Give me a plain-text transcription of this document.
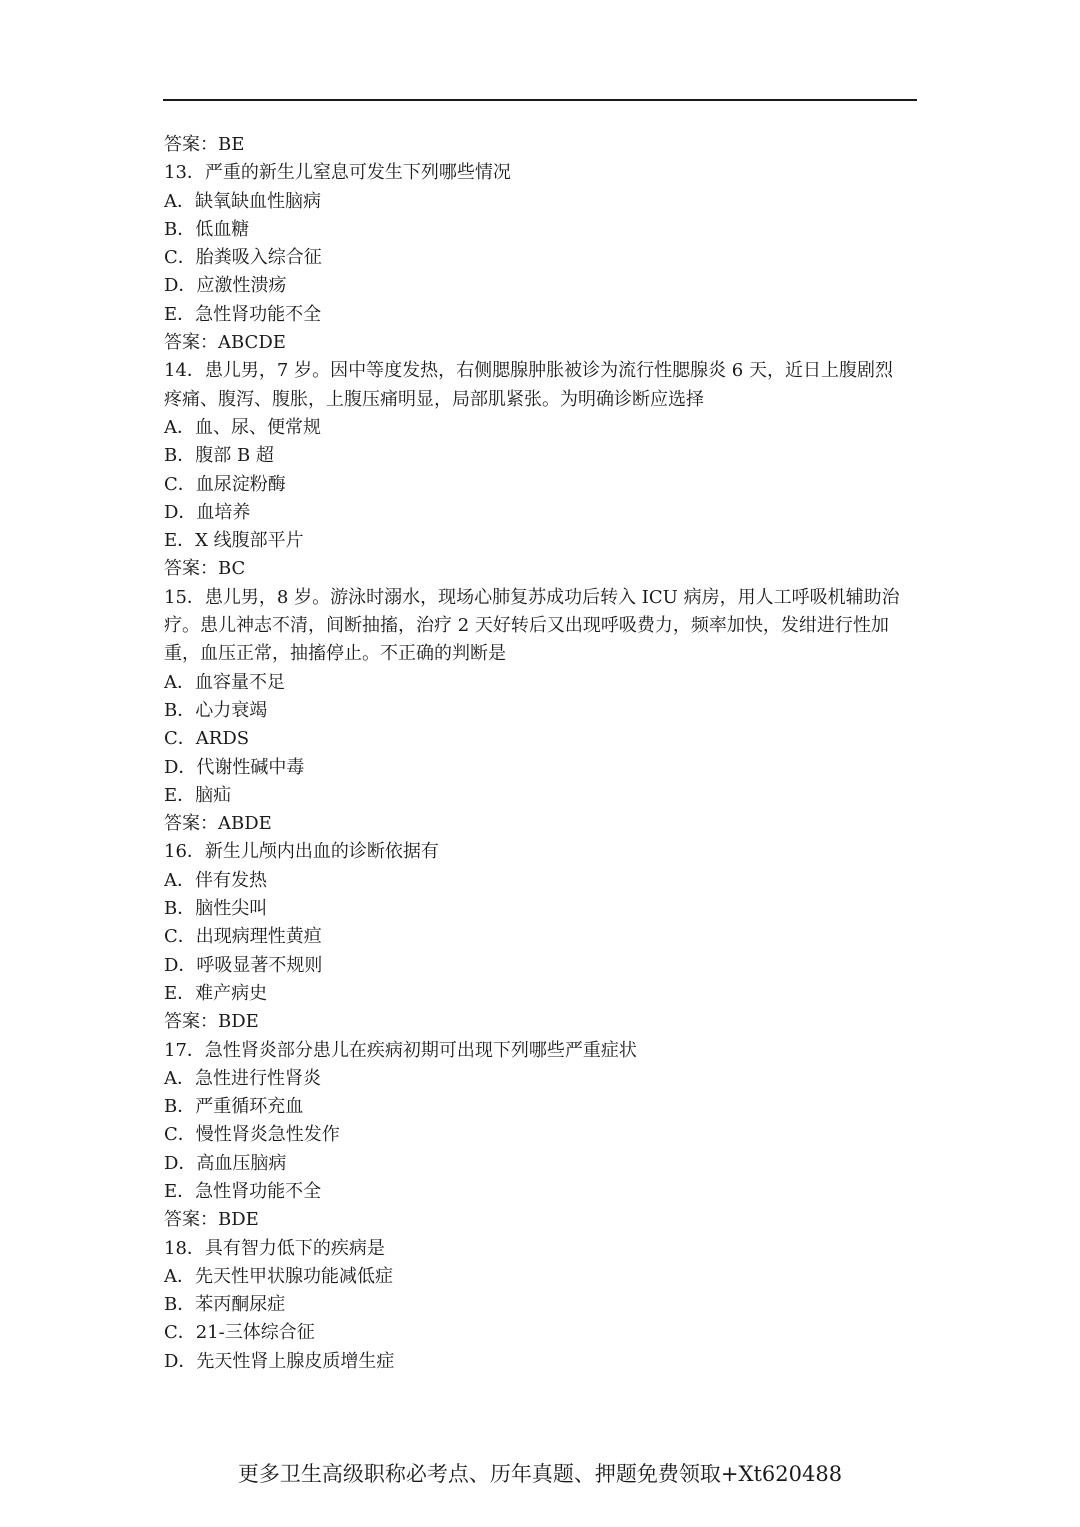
答案：BE
13．严重的新生儿窒息可发生下列哪些情况
A．缺氧缺血性脑病
B．低血糖
C．胎粪吸入综合征
D．应激性溃疡
E．急性肾功能不全
答案：ABCDE
14．患儿男，7 岁。因中等度发热，右侧腮腺肿胀被诊为流行性腮腺炎 6 天，近日上腹剧烈
疼痛、腹泻、腹胀，上腹压痛明显，局部肌紧张。为明确诊断应选择
A．血、尿、便常规
B．腹部 B 超
C．血尿淀粉酶
D．血培养
E．X 线腹部平片
答案：BC
15．患儿男，8 岁。游泳时溺水，现场心肺复苏成功后转入 ICU 病房，用人工呼吸机辅助治
疗。患儿神志不清，间断抽搐，治疗 2 天好转后又出现呼吸费力，频率加快，发绀进行性加
重，血压正常，抽搐停止。不正确的判断是
A．血容量不足
B．心力衰竭
C．ARDS
D．代谢性碱中毒
E．脑疝
答案：ABDE
16．新生儿颅内出血的诊断依据有
A．伴有发热
B．脑性尖叫
C．出现病理性黄疸
D．呼吸显著不规则
E．难产病史
答案：BDE
17．急性肾炎部分患儿在疾病初期可出现下列哪些严重症状
A．急性进行性肾炎
B．严重循环充血
C．慢性肾炎急性发作
D．高血压脑病
E．急性肾功能不全
答案：BDE
18．具有智力低下的疾病是
A．先天性甲状腺功能减低症
B．苯丙酮尿症
C．21-三体综合征
D．先天性肾上腺皮质增生症
更多卫生高级职称必考点、历年真题、押题免费领取+Xt620488
